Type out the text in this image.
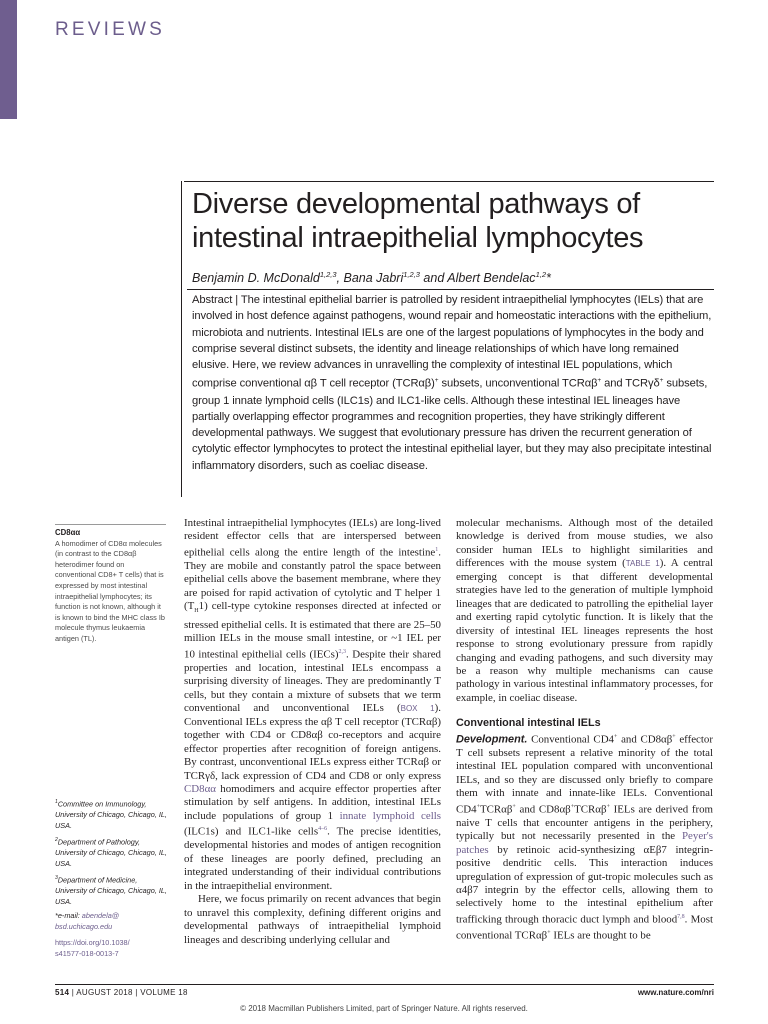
REVIEWS
Diverse developmental pathways of intestinal intraepithelial lymphocytes
Benjamin D. McDonald$^{1,2,3}$, Bana Jabri$^{1,2,3}$ and Albert Bendelac$^{1,2}$*

Abstract | The intestinal epithelial barrier is patrolled by resident intraepithelial lymphocytes (IELs) that are involved in host defence against pathogens, wound repair and homeostatic interactions with the epithelium, microbiota and nutrients. Intestinal IELs are one of the largest populations of lymphocytes in the body and comprise several distinct subsets, the identity and lineage relationships of which have long remained elusive. Here, we review advances in unravelling the complexity of intestinal IEL populations, which comprise conventional αβ T cell receptor (TCRαβ)+ subsets, unconventional TCRαβ+ and TCRγδ+ subsets, group 1 innate lymphoid cells (ILC1s) and ILC1-like cells. Although these intestinal IEL lineages have partially overlapping effector programmes and recognition properties, they have strikingly different developmental pathways. We suggest that evolutionary pressure has driven the recurrent generation of cytolytic effector lymphocytes to protect the intestinal epithelial layer, but they may also precipitate intestinal inflammatory disorders, such as coeliac disease.

CD8αα
A homodimer of CD8α molecules (in contrast to the CD8αβ heterodimer found on conventional CD8+ T cells) that is expressed by most intestinal intraepithelial lymphocytes; its function is not known, although it is known to bind the MHC class Ib molecule thymus leukaemia antigen (TL).
$^1$Committee on Immunology, University of Chicago, Chicago, IL, USA.
$^2$Department of Pathology, University of Chicago, Chicago, IL, USA.
$^3$Department of Medicine, University of Chicago, Chicago, IL, USA.
*e-mail: abendela@
bsd.uchicago.edu
https://doi.org/10.1038/
s41577-018-0013-7

Intestinal intraepithelial lymphocytes (IELs) are long-lived resident effector cells that are interspersed between epithelial cells along the entire length of the intestine$^1$. They are mobile and constantly patrol the space between epithelial cells above the basement membrane, where they are poised for rapid activation of cytolytic and T helper 1 $(T_H1)$ cell-type cytokine responses directed at infected or stressed epithelial cells. It is estimated that there are 25–50 million IELs in the mouse small intestine, or ~1 IEL per 10 intestinal epithelial cells (IECs)$^{2,3}$. Despite their shared properties and location, intestinal IELs encompass a surprising diversity of lineages. They are predominantly T cells, but they contain a mixture of subsets that we term conventional and unconventional IELs (BOX 1). Conventional IELs express the αβ T cell receptor (TCRαβ) together with CD4 or CD8αβ co-receptors and acquire effector properties after recognition of foreign antigens. By contrast, unconventional IELs express either TCRαβ or TCRγδ, lack expression of CD4 and CD8 or only express CD8αα homodimers and acquire effector properties after stimulation by self antigens. In addition, intestinal IELs include populations of group 1 innate lymphoid cells (ILC1s) and ILC1-like cells$^{4-6}$. The precise identities, developmental histories and modes of antigen recognition of these lineages are poorly defined, precluding an integrated understanding of their individual contributions in the intraepithelial environment.

Here, we focus primarily on recent advances that begin to unravel this complexity, defining different origins and developmental pathways of intraepithelial lymphoid lineages and describing underlying cellular and

molecular mechanisms. Although most of the detailed knowledge is derived from mouse studies, we also consider human IELs to highlight similarities and differences with the mouse system (TABLE 1). A central emerging concept is that different developmental strategies have led to the generation of multiple lymphoid lineages that are dedicated to patrolling the epithelial layer and exerting rapid cytolytic function. It is likely that the diversity of intestinal IEL lineages represents the host response to strong evolutionary pressure from rapidly changing and evading pathogens, and such diversity may be a reason why multiple mechanisms can cause pathology in various intestinal inflammatory processes, for example, in coeliac disease.

Conventional intestinal IELs

Development. Conventional CD4+ and CD8αβ+ effector T cell subsets represent a relative minority of the total intestinal IEL population compared with unconventional IELs, and so they are discussed only briefly to compare them with innate and innate-like IELs. Conventional CD4+TCRαβ+ and CD8αβ+TCRαβ+ IELs are derived from naive T cells that encounter antigens in the periphery, typically but not necessarily presented in the Peyer's patches by retinoic acid-synthesizing αEβ7 integrin-positive dendritic cells. This interaction induces upregulation of expression of gut-tropic molecules such as α4β7 integrin by the effector cells, allowing them to selectively home to the intestinal epithelium after trafficking through thoracic duct lymph and blood$^{7,8}$. Most conventional TCRαβ+ IELs are thought to be

514 | AUGUST 2018 | VOLUME 18	www.nature.com/nri
© 2018 Macmillan Publishers Limited, part of Springer Nature. All rights reserved.
